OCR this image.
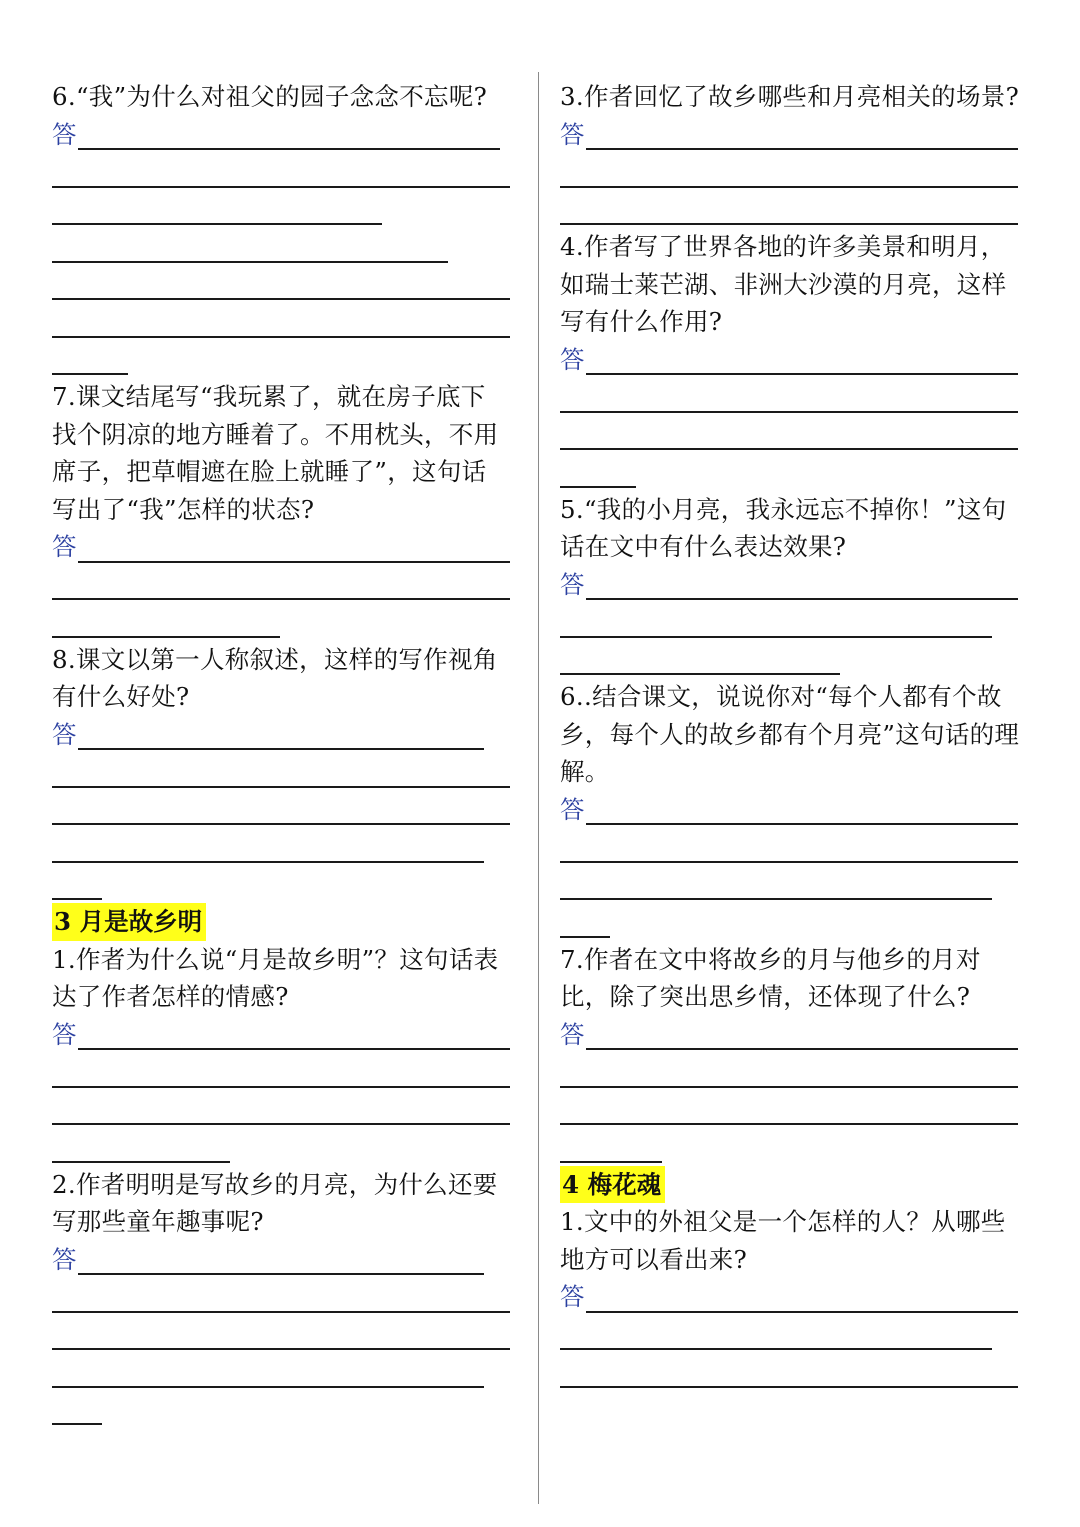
6.“我”为什么对祖父的园子念念不忘呢?

答

7.课文结尾写“我玩累了，就在房子底下找个阴凉的地方睡着了。不用枕头，不用席子，把草帽遮在脸上就睡了”，这句话写出了“我”怎样的状态?

答

8.课文以第一人称叙述，这样的写作视角有什么好处?

答
3 月是故乡明

1.作者为什么说“月是故乡明”？这句话表达了作者怎样的情感?

答

2.作者明明是写故乡的月亮，为什么还要写那些童年趣事呢?

答

3.作者回忆了故乡哪些和月亮相关的场景?

答

4.作者写了世界各地的许多美景和明月，如瑞士莱芒湖、非洲大沙漠的月亮，这样写有什么作用?

答

5.“我的小月亮，我永远忘不掉你！”这句话在文中有什么表达效果?

答

6..结合课文，说说你对“每个人都有个故乡，每个人的故乡都有个月亮”这句话的理解。

答

7.作者在文中将故乡的月与他乡的月对比，除了突出思乡情，还体现了什么?

答
4 梅花魂

1.文中的外祖父是一个怎样的人？从哪些地方可以看出来?

答
